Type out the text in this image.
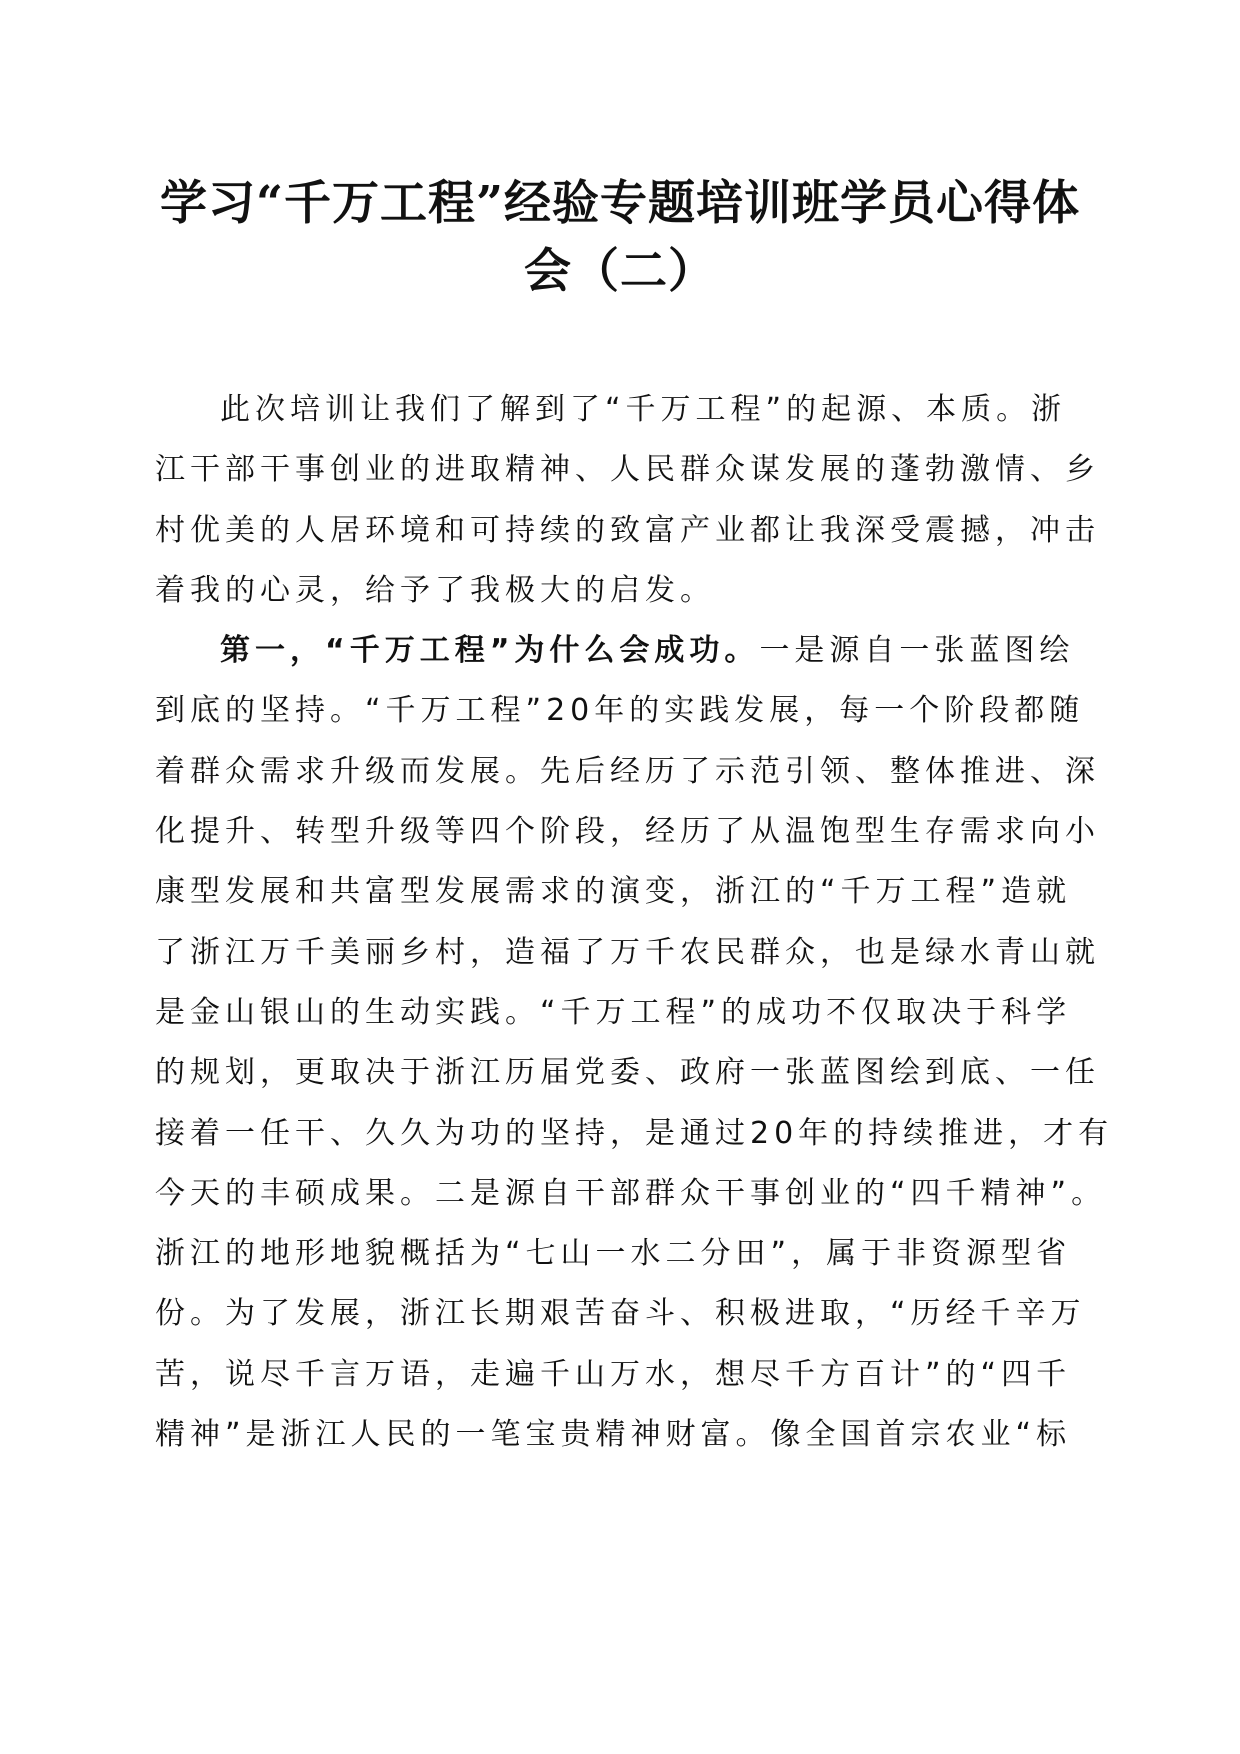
学习“千万工程”经验专题培训班学员心得体
会（二）
此次培训让我们了解到了“千万工程”的起源、本质。浙
江干部干事创业的进取精神、人民群众谋发展的蓬勃激情、乡
村优美的人居环境和可持续的致富产业都让我深受震撼，冲击
着我的心灵，给予了我极大的启发。
第一，“千万工程”为什么会成功。一是源自一张蓝图绘
到底的坚持。“千万工程”20年的实践发展，每一个阶段都随
着群众需求升级而发展。先后经历了示范引领、整体推进、深
化提升、转型升级等四个阶段，经历了从温饱型生存需求向小
康型发展和共富型发展需求的演变，浙江的“千万工程”造就
了浙江万千美丽乡村，造福了万千农民群众，也是绿水青山就
是金山银山的生动实践。“千万工程”的成功不仅取决于科学
的规划，更取决于浙江历届党委、政府一张蓝图绘到底、一任
接着一任干、久久为功的坚持，是通过20年的持续推进，才有
今天的丰硕成果。二是源自干部群众干事创业的“四千精神”。
浙江的地形地貌概括为“七山一水二分田”，属于非资源型省
份。为了发展，浙江长期艰苦奋斗、积极进取，“历经千辛万
苦，说尽千言万语，走遍千山万水，想尽千方百计”的“四千
精神”是浙江人民的一笔宝贵精神财富。像全国首宗农业“标
